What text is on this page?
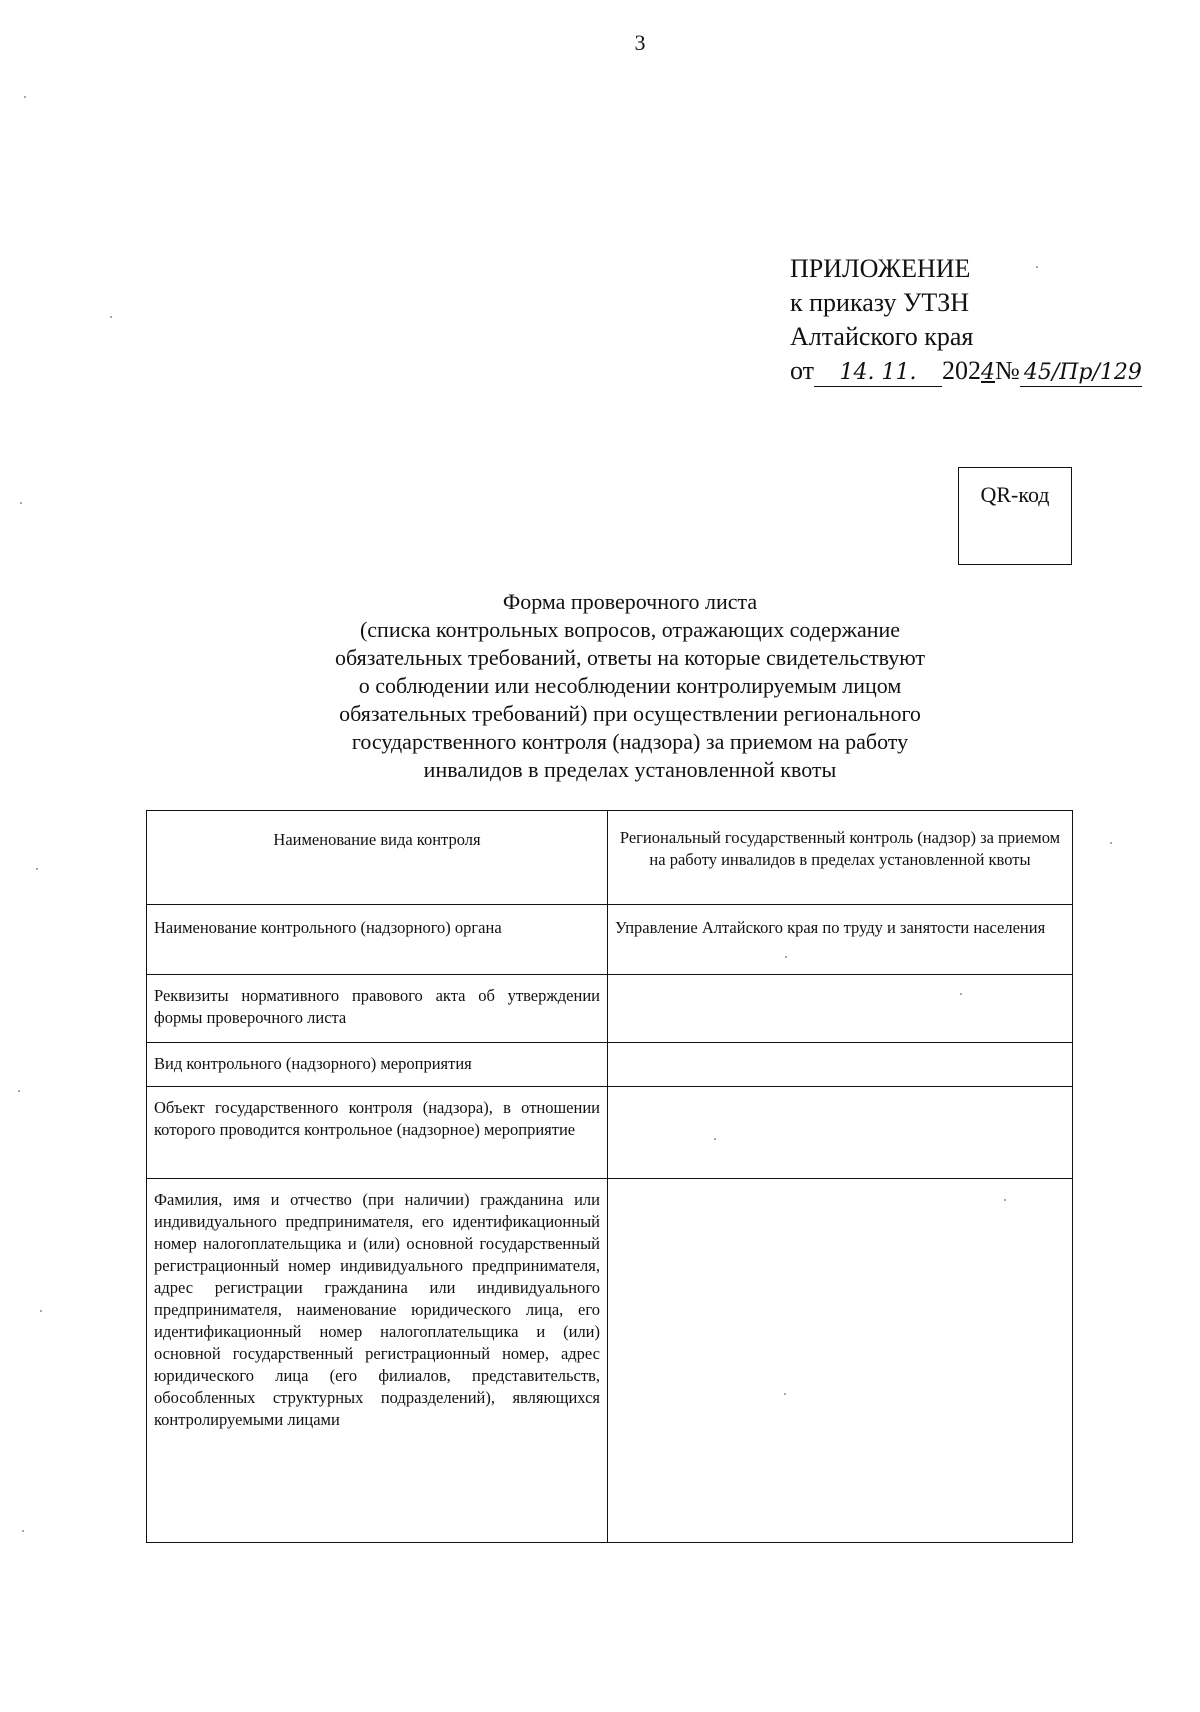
3
ПРИЛОЖЕНИЕ
к приказу УТЗН
Алтайского края
от 14. 11. 2024№ 45/Пр/129
QR-код
Форма проверочного листа
(списка контрольных вопросов, отражающих содержание
обязательных требований, ответы на которые свидетельствуют
о соблюдении или несоблюдении контролируемым лицом
обязательных требований) при осуществлении регионального
государственного контроля (надзора) за приемом на работу
инвалидов в пределах установленной квоты
Наименование вида контроля	Региональный государственный контроль (надзор) за приемом на работу инвалидов в пределах установленной квоты

Наименование контрольного (надзорного) органа	Управление Алтайского края по труду и занятости населения

Реквизиты нормативного правового акта об утверждении формы проверочного листа	

Вид контрольного (надзорного) мероприятия	

Объект государственного контроля (надзора), в отношении которого проводится контрольное (надзорное) мероприятие	

Фамилия, имя и отчество (при наличии) гражданина или индивидуального предпринимателя, его идентификационный номер налогоплательщика и (или) основной государственный регистрационный номер индивидуального предпринимателя, адрес регистрации гражданина или индивидуального предпринимателя, наименование юридического лица, его идентификационный номер налогоплательщика и (или) основной государственный регистрационный номер, адрес юридического лица (его филиалов, представительств, обособленных структурных подразделений), являющихся контролируемыми лицами	
